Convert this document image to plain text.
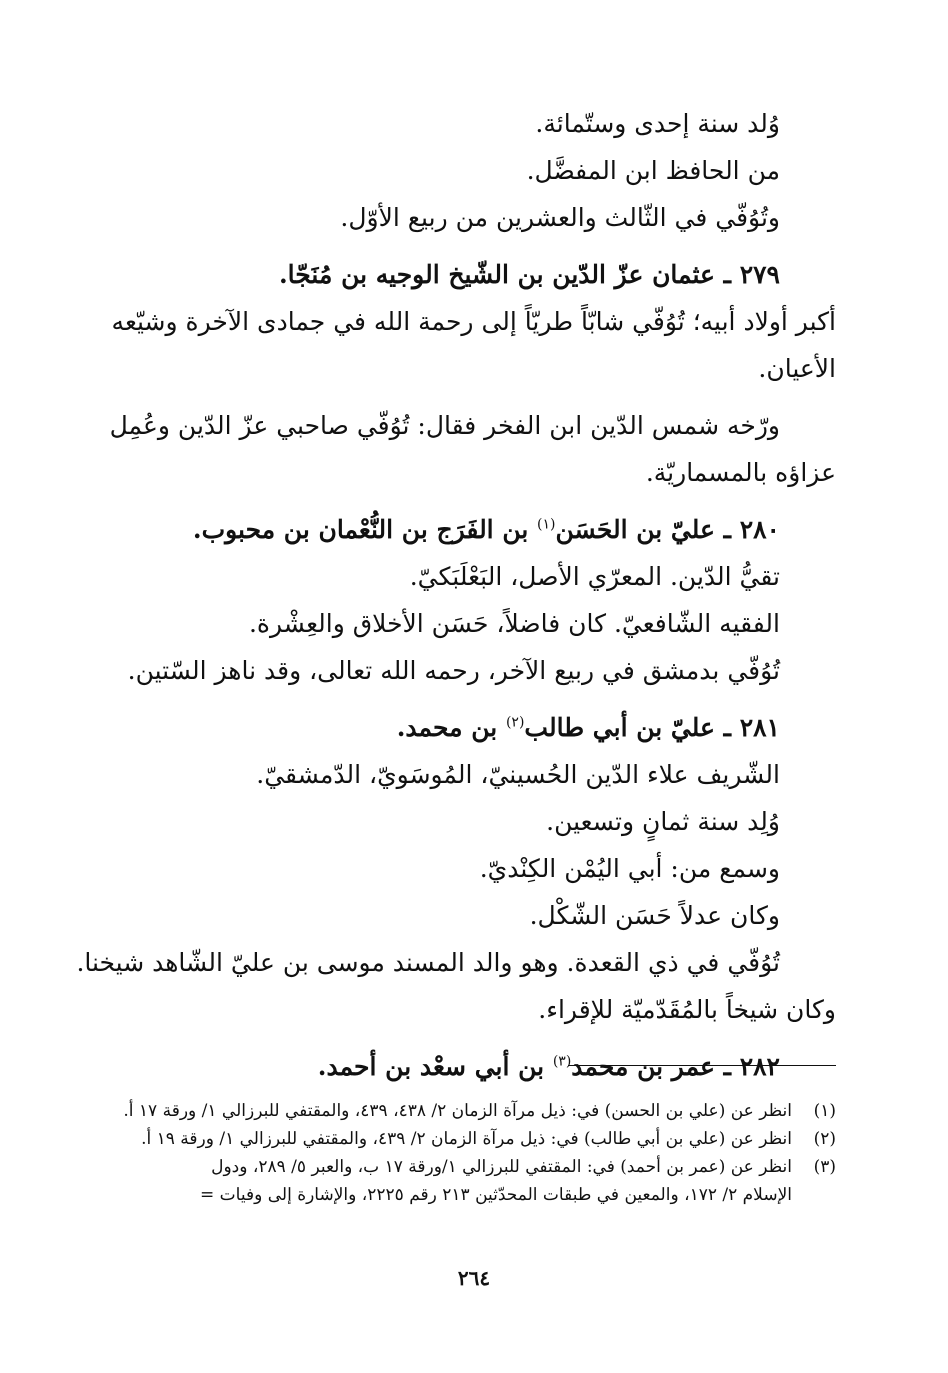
وُلد سنة إحدى وستّمائة.
من الحافظ ابن المفضَّل.
وتُوُفّي في الثّالث والعشرين من ربيع الأوّل.
٢٧٩ ـ عثمان عزّ الدّين بن الشّيخ الوجيه بن مُنَجّا.
أكبر أولاد أبيه؛ تُوُفّي شابّاً طريّاً إلى رحمة الله في جمادى الآخرة وشيّعه
الأعيان.
ورّخه شمس الدّين ابن الفخر فقال: تُوُفّي صاحبي عزّ الدّين وعُمِل
عزاؤه بالمسماريّة.
٢٨٠ ـ عليّ بن الحَسَن$^{(١)}$ بن الفَرَج بن النُّعْمان بن محبوب.
تقيُّ الدّين. المعرّي الأصل، البَعْلَبَكيّ.
الفقيه الشّافعيّ. كان فاضلاً، حَسَن الأخلاق والعِشْرة.
تُوُفّي بدمشق في ربيع الآخر، رحمه الله تعالى، وقد ناهز السّتين.
٢٨١ ـ عليّ بن أبي طالب$^{(٢)}$ بن محمد.
الشّريف علاء الدّين الحُسينيّ، المُوسَويّ، الدّمشقيّ.
وُلِد سنة ثمانٍ وتسعين.
وسمع من: أبي اليُمْن الكِنْديّ.
وكان عدلاً حَسَن الشّكْل.
تُوُفّي في ذي القعدة. وهو والد المسند موسى بن عليّ الشّاهد شيخنا.
وكان شيخاً بالمُقَدّميّة للإقراء.
٢٨٢ ـ عمر بن محمد$^{(٣)}$ بن أبي سعْد بن أحمد.
(١)
انظر عن (علي بن الحسن) في: ذيل مرآة الزمان ٢/ ٤٣٨، ٤٣٩، والمقتفي للبرزالي ١/ ورقة ١٧ أ.
(٢)
انظر عن (علي بن أبي طالب) في: ذيل مرآة الزمان ٢/ ٤٣٩، والمقتفي للبرزالي ١/ ورقة ١٩ أ.
(٣)
انظر عن (عمر بن أحمد) في: المقتفي للبرزالي ١/ورقة ١٧ ب، والعبر ٥/ ٢٨٩، ودول
الإسلام ٢/ ١٧٢، والمعين في طبقات المحدّثين ٢١٣ رقم ٢٢٢٥، والإشارة إلى وفيات =
٢٦٤
